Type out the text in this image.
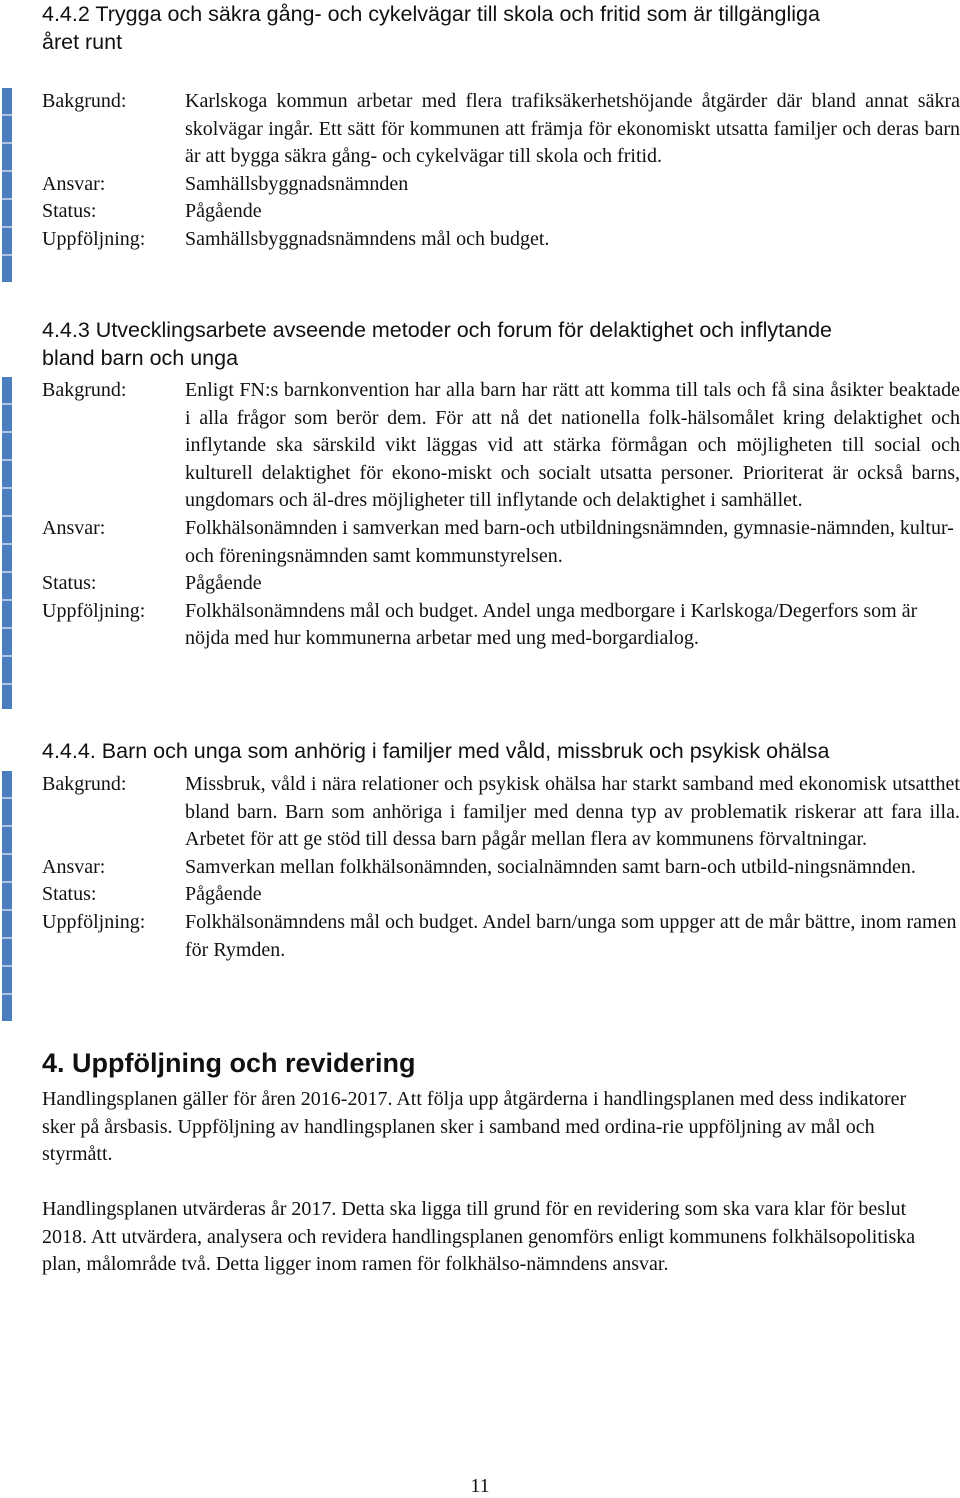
4.4.2 Trygga och säkra gång- och cykelvägar till skola och fritid som är tillgängliga
året runt
Bakgrund:	Karlskoga kommun arbetar med flera trafiksäkerhetshöjande åtgärder där bland annat säkra skolvägar ingår. Ett sätt för kommunen att främja för ekonomiskt utsatta familjer och deras barn är att bygga säkra gång- och cykelvägar till skola och fritid.
Ansvar:	Samhällsbyggnadsnämnden
Status:	Pågående
Uppföljning:	Samhällsbyggnadsnämndens mål och budget.
4.4.3 Utvecklingsarbete avseende metoder och forum för delaktighet och inflytande
bland barn och unga
Bakgrund:	Enligt FN:s barnkonvention har alla barn har rätt att komma till tals och få sina åsikter beaktade i alla frågor som berör dem. För att nå det nationella folk-hälsomålet kring delaktighet och inflytande ska särskild vikt läggas vid att stärka förmågan och möjligheten till social och kulturell delaktighet för ekono-miskt och socialt utsatta personer. Prioriterat är också barns, ungdomars och äl-dres möjligheter till inflytande och delaktighet i samhället.
Ansvar:	Folkhälsonämnden i samverkan med barn-och utbildningsnämnden, gymnasie-nämnden, kultur-och föreningsnämnden samt kommunstyrelsen.
Status:	Pågående
Uppföljning:	Folkhälsonämndens mål och budget. Andel unga medborgare i Karlskoga/Degerfors som är nöjda med hur kommunerna arbetar med ung med-borgardialog.
4.4.4. Barn och unga som anhörig i familjer med våld, missbruk och psykisk ohälsa
Bakgrund:	Missbruk, våld i nära relationer och psykisk ohälsa har starkt samband med ekonomisk utsatthet bland barn. Barn som anhöriga i familjer med denna typ av problematik riskerar att fara illa. Arbetet för att ge stöd till dessa barn pågår mellan flera av kommunens förvaltningar.
Ansvar:	Samverkan mellan folkhälsonämnden, socialnämnden samt barn-och utbild-ningsnämnden.
Status:	Pågående
Uppföljning:	Folkhälsonämndens mål och budget. Andel barn/unga som uppger att de mår bättre, inom ramen för Rymden.
4. Uppföljning och revidering
Handlingsplanen gäller för åren 2016-2017. Att följa upp åtgärderna i handlingsplanen med dess indikatorer sker på årsbasis. Uppföljning av handlingsplanen sker i samband med ordina-rie uppföljning av mål och styrmått.
Handlingsplanen utvärderas år 2017. Detta ska ligga till grund för en revidering som ska vara klar för beslut 2018. Att utvärdera, analysera och revidera handlingsplanen genomförs enligt kommunens folkhälsopolitiska plan, målområde två. Detta ligger inom ramen för folkhälso-nämndens ansvar.
11
